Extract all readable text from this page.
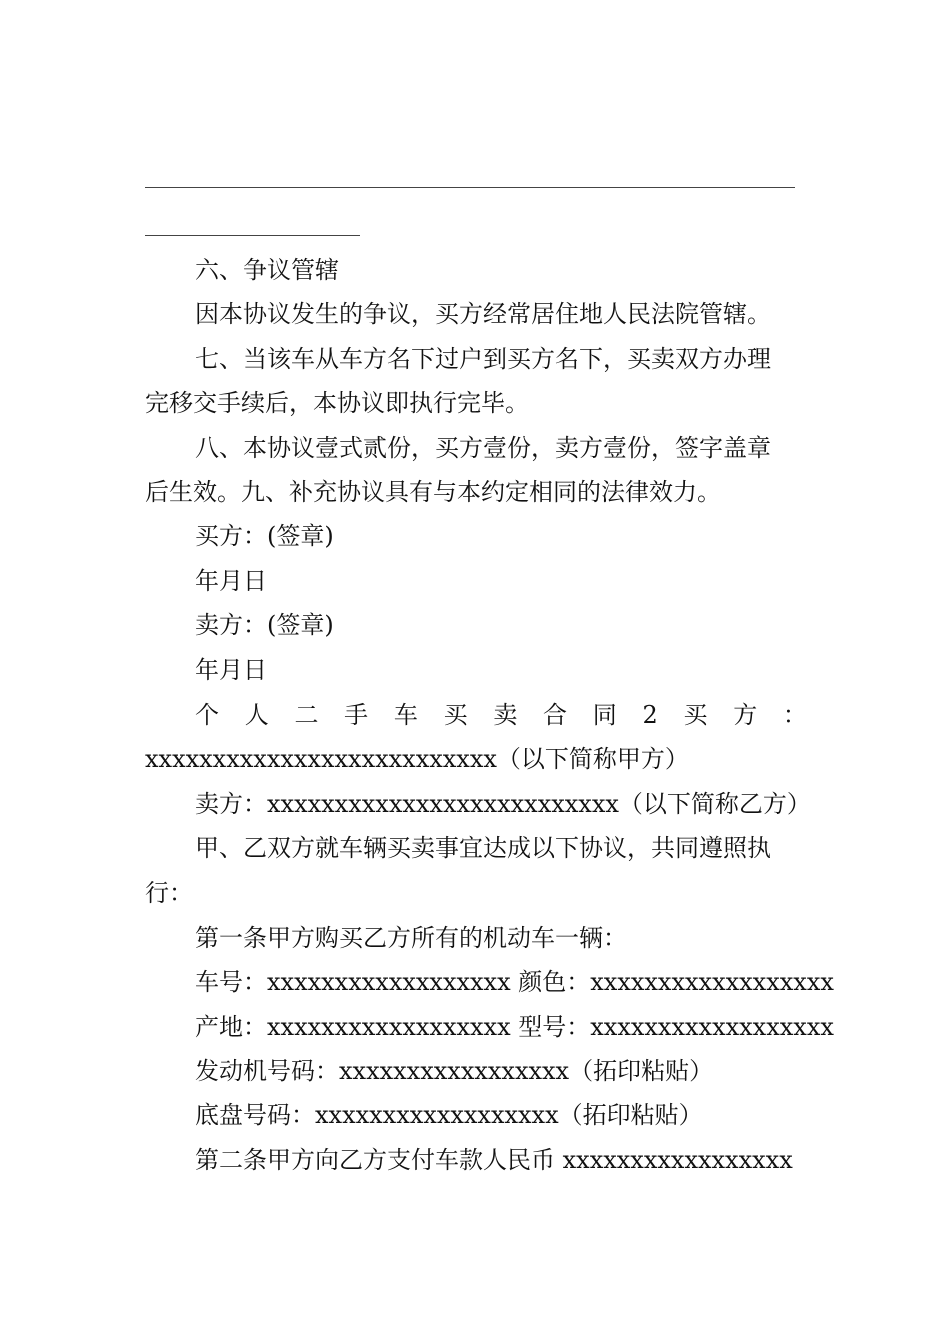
六、争议管辖
因本协议发生的争议，买方经常居住地人民法院管辖。
七、当该车从车方名下过户到买方名下，买卖双方办理
完移交手续后，本协议即执行完毕。
八、本协议壹式贰份，买方壹份，卖方壹份，签字盖章
后生效。九、补充协议具有与本约定相同的法律效力。
买方：(签章)
年月日
卖方：(签章)
年月日
个 人 二 手 车 买 卖 合 同 2 买 方 ：
xxxxxxxxxxxxxxxxxxxxxxxxxx（以下简称甲方）
卖方：xxxxxxxxxxxxxxxxxxxxxxxxxx（以下简称乙方）
甲、乙双方就车辆买卖事宜达成以下协议，共同遵照执
行：
第一条甲方购买乙方所有的机动车一辆：
车号：xxxxxxxxxxxxxxxxxx 颜色：xxxxxxxxxxxxxxxxxx
产地：xxxxxxxxxxxxxxxxxx 型号：xxxxxxxxxxxxxxxxxx
发动机号码：xxxxxxxxxxxxxxxxx（拓印粘贴）
底盘号码：xxxxxxxxxxxxxxxxxx（拓印粘贴）
第二条甲方向乙方支付车款人民币 xxxxxxxxxxxxxxxxx
